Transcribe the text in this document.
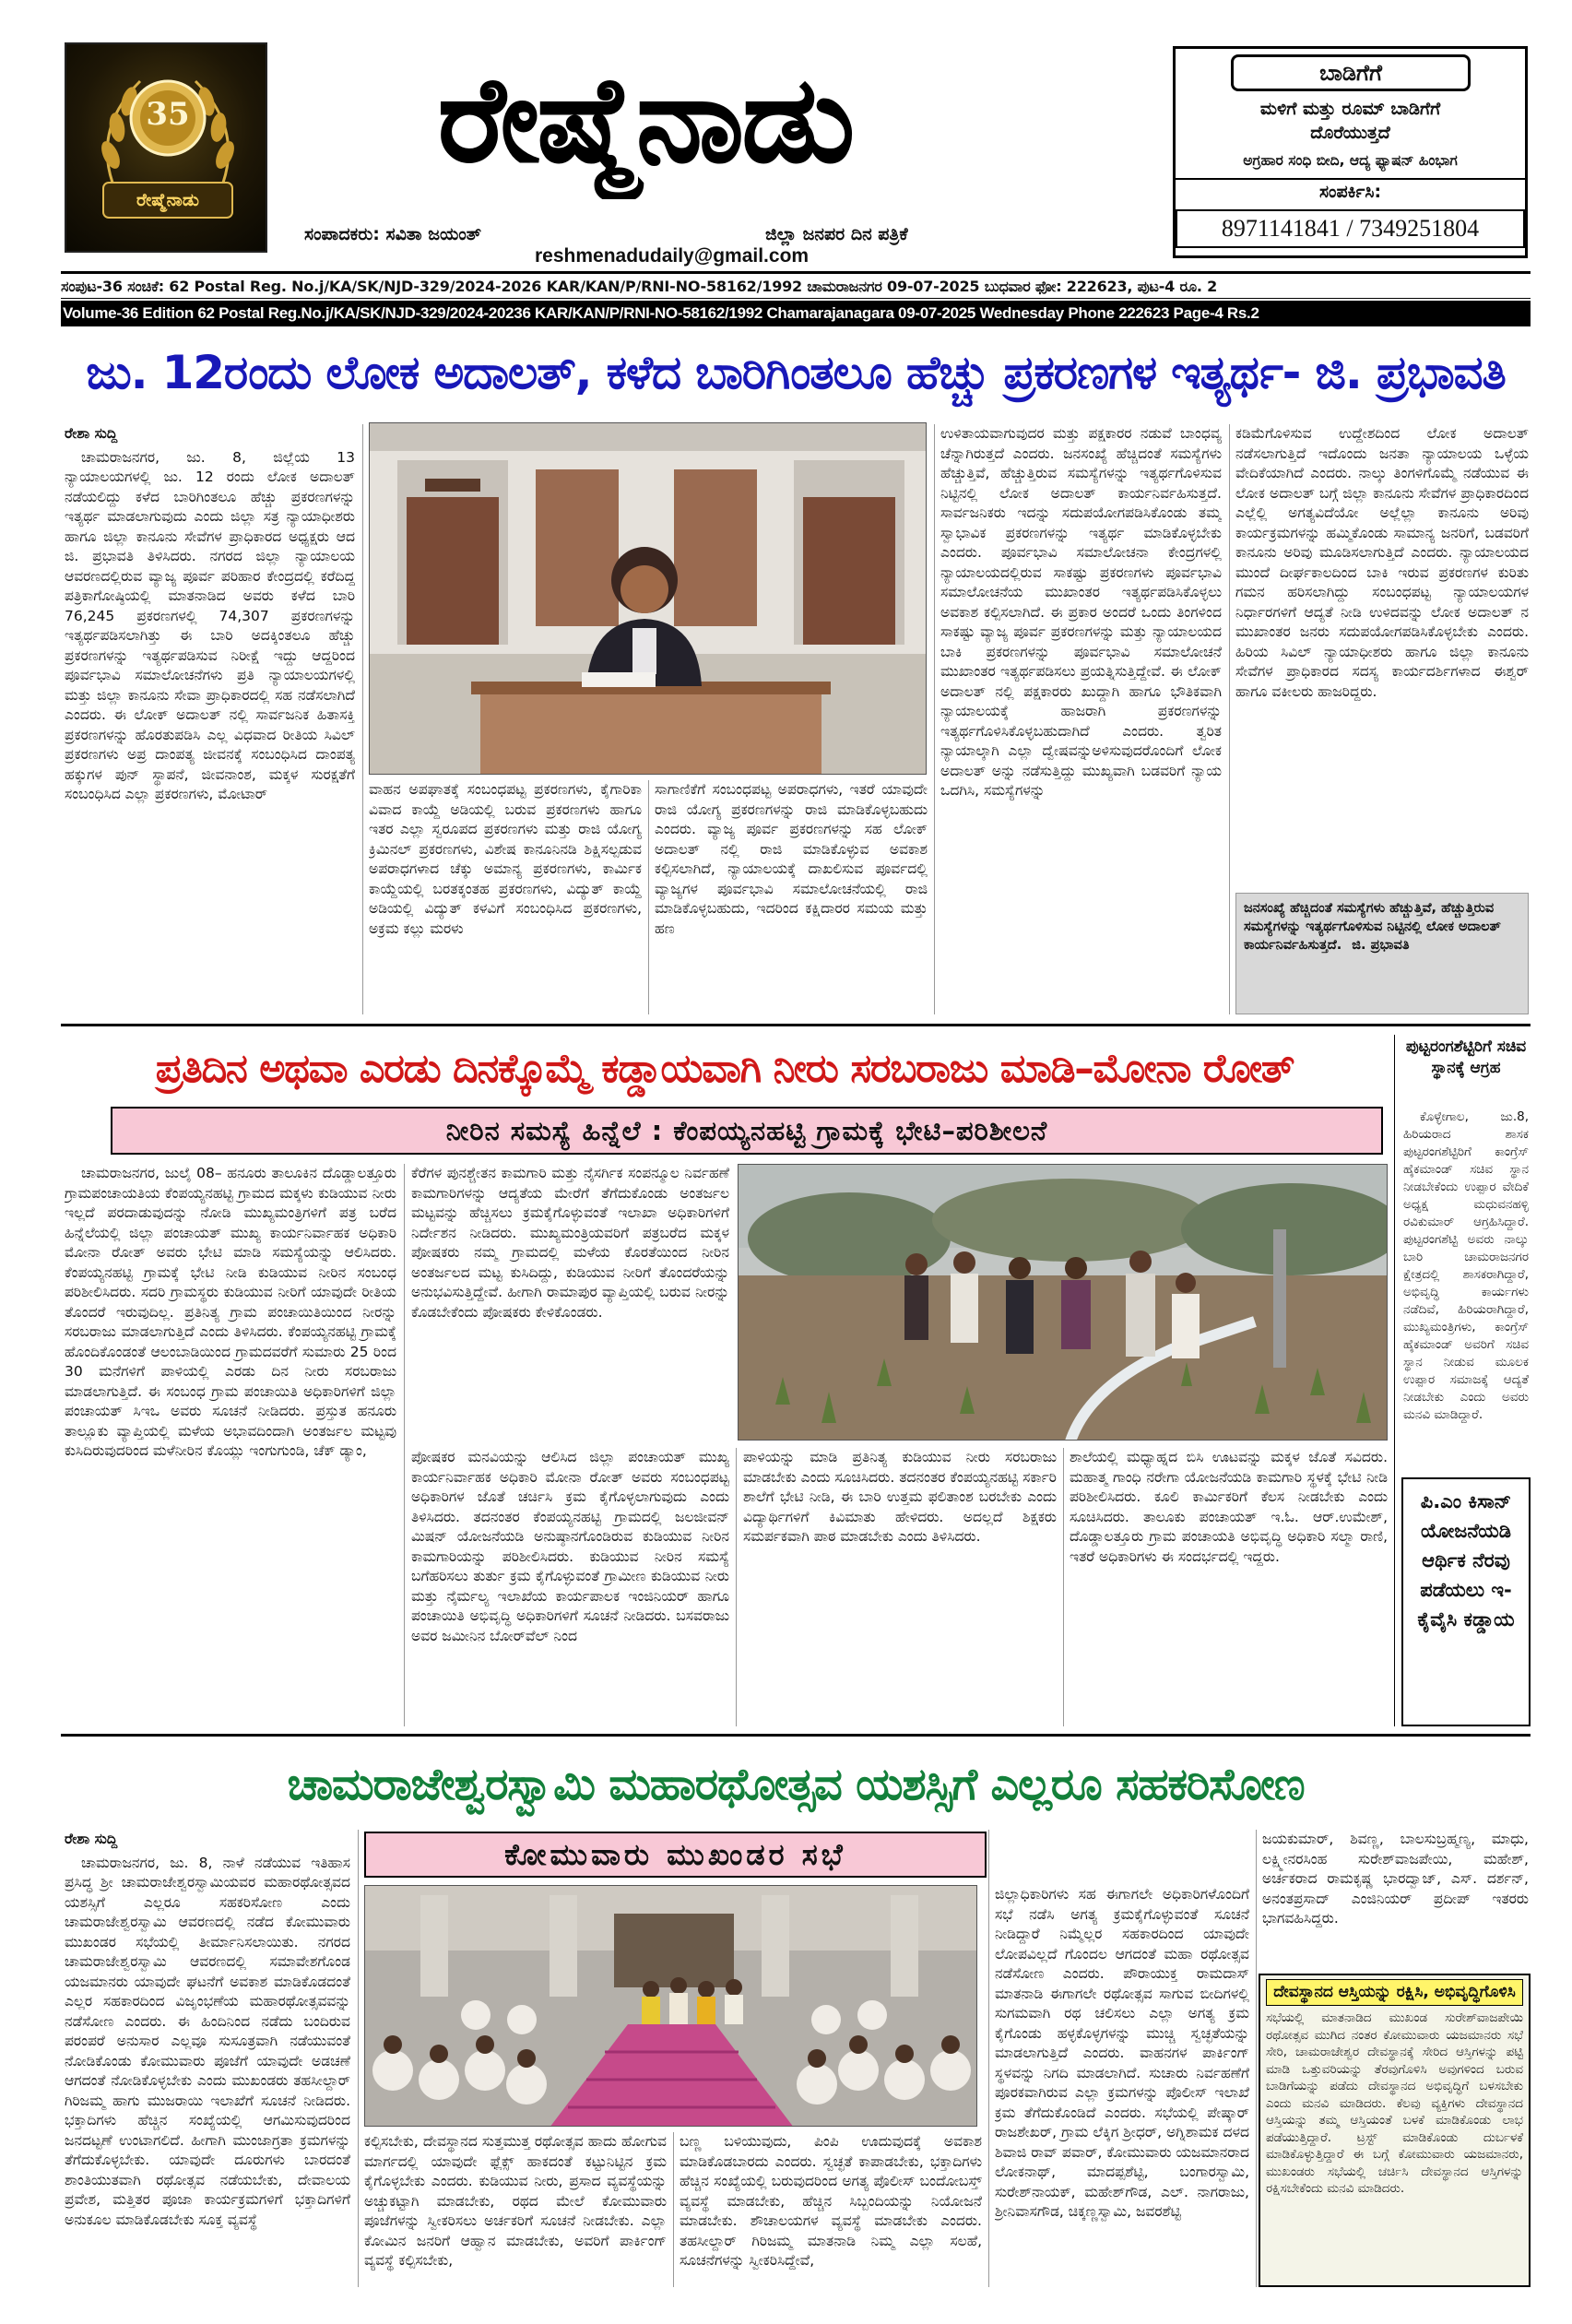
35
ರೇಷ್ಮೆನಾಡು
ರೇಷ್ಮೆನಾಡು
ಸಂಪಾದಕರು: ಸವಿತಾ ಜಯಂತ್	ಜಿಲ್ಲಾ ಜನಪರ ದಿನ ಪತ್ರಿಕೆ
reshmenadudaily@gmail.com
ಬಾಡಿಗೆಗೆ
ಮಳಿಗೆ ಮತ್ತು ರೂಮ್ ಬಾಡಿಗೆಗೆ
ದೊರೆಯುತ್ತದೆ
ಅಗ್ರಹಾರ ಸಂಧಿ ಬೀದಿ, ಆದ್ಯ ಫ್ಯಾಷನ್ ಹಿಂಭಾಗ
ಸಂಪರ್ಕಿಸಿ:
8971141841 / 7349251804
ಸಂಪುಟ-36 ಸಂಚಿಕೆ: 62 Postal Reg. No.j/KA/SK/NJD-329/2024-2026 KAR/KAN/P/RNI-NO-58162/1992 ಚಾಮರಾಜನಗರ 09-07-2025 ಬುಧವಾರ ಫೋ: 222623, ಪುಟ-4 ರೂ. 2
Volume-36 Edition 62 Postal Reg.No.j/KA/SK/NJD-329/2024-20236 KAR/KAN/P/RNI-NO-58162/1992 Chamarajanagara 09-07-2025 Wednesday Phone 222623 Page-4 Rs.2
ಜು. 12ರಂದು ಲೋಕ ಅದಾಲತ್, ಕಳೆದ ಬಾರಿಗಿಂತಲೂ ಹೆಚ್ಚು ಪ್ರಕರಣಗಳ ಇತ್ಯರ್ಥ- ಜಿ. ಪ್ರಭಾವತಿ

ರೇಶಾ ಸುದ್ದಿ

ಚಾಮರಾಜನಗರ, ಜು. 8, ಜಿಲ್ಲೆಯ 13 ನ್ಯಾಯಾಲಯಗಳಲ್ಲಿ ಜು. 12 ರಂದು ಲೋಕ ಅದಾಲತ್ ನಡೆಯಲಿದ್ದು ಕಳೆದ ಬಾರಿಗಿಂತಲೂ ಹೆಚ್ಚು ಪ್ರಕರಣಗಳನ್ನು ಇತ್ಯರ್ಥ ಮಾಡಲಾಗುವುದು ಎಂದು ಜಿಲ್ಲಾ ಸತ್ರ ನ್ಯಾಯಾಧೀಶರು ಹಾಗೂ ಜಿಲ್ಲಾ ಕಾನೂನು ಸೇವೆಗಳ ಪ್ರಾಧಿಕಾರದ ಅಧ್ಯಕ್ಷರು ಆದ ಜಿ. ಪ್ರಭಾವತಿ ತಿಳಿಸಿದರು. ನಗರದ ಜಿಲ್ಲಾ ನ್ಯಾಯಾಲಯ ಆವರಣದಲ್ಲಿರುವ ವ್ಯಾಜ್ಯ ಪೂರ್ವ ಪರಿಹಾರ ಕೇಂದ್ರದಲ್ಲಿ ಕರೆದಿದ್ದ ಪತ್ರಿಕಾಗೋಷ್ಠಿಯಲ್ಲಿ ಮಾತನಾಡಿದ ಅವರು ಕಳೆದ ಬಾರಿ 76,245 ಪ್ರಕರಣಗಳಲ್ಲಿ 74,307 ಪ್ರಕರಣಗಳನ್ನು ಇತ್ಯರ್ಥಪಡಿಸಲಾಗಿತ್ತು ಈ ಬಾರಿ ಅದಕ್ಕಿಂತಲೂ ಹೆಚ್ಚು ಪ್ರಕರಣಗಳನ್ನು ಇತ್ಯರ್ಥಪಡಿಸುವ ನಿರೀಕ್ಷೆ ಇದ್ದು ಆದ್ದರಿಂದ ಪೂರ್ವಭಾವಿ ಸಮಾಲೋಚನೆಗಳು ಪ್ರತಿ ನ್ಯಾಯಾಲಯಗಳಲ್ಲಿ ಮತ್ತು ಜಿಲ್ಲಾ ಕಾನೂನು ಸೇವಾ ಪ್ರಾಧಿಕಾರದಲ್ಲಿ ಸಹ ನಡೆಸಲಾಗಿದೆ ಎಂದರು. ಈ ಲೋಕ್ ಅದಾಲತ್ ನಲ್ಲಿ ಸಾರ್ವಜನಿಕ ಹಿತಾಸಕ್ತಿ ಪ್ರಕರಣಗಳನ್ನು ಹೊರತುಪಡಿಸಿ ಎಲ್ಲ ವಿಧವಾದ ರೀತಿಯ ಸಿವಿಲ್ ಪ್ರಕರಣಗಳು ಅಪ್ರ ದಾಂಪತ್ಯ ಜೀವನಕ್ಕೆ ಸಂಬಂಧಿಸಿದ ದಾಂಪತ್ಯ ಹಕ್ಕುಗಳ ಪುನ್ ಸ್ಥಾಪನೆ, ಜೀವನಾಂಶ, ಮಕ್ಕಳ ಸುರಕ್ಷತೆಗೆ ಸಂಬಂಧಿಸಿದ ಎಲ್ಲಾ ಪ್ರಕರಣಗಳು, ಮೋಟಾರ್	ವಾಹನ ಅಪಘಾತಕ್ಕೆ ಸಂಬಂಧಪಟ್ಟ ಪ್ರಕರಣಗಳು, ಕೈಗಾರಿಕಾ ವಿವಾದ ಕಾಯ್ದೆ ಅಡಿಯಲ್ಲಿ ಬರುವ ಪ್ರಕರಣಗಳು ಹಾಗೂ ಇತರ ಎಲ್ಲಾ ಸ್ವರೂಪದ ಪ್ರಕರಣಗಳು ಮತ್ತು ರಾಜಿ ಯೋಗ್ಯ ಕ್ರಿಮಿನಲ್ ಪ್ರಕರಣಗಳು, ವಿಶೇಷ ಕಾನೂನಿನಡಿ ಶಿಕ್ಷಿಸಲ್ಪಡುವ ಅಪರಾಧಗಳಾದ ಚೆಕ್ಕು ಅಮಾನ್ಯ ಪ್ರಕರಣಗಳು, ಕಾರ್ಮಿಕ ಕಾಯ್ದೆಯಲ್ಲಿ ಬರತಕ್ಕಂತಹ ಪ್ರಕರಣಗಳು, ವಿದ್ಯುತ್ ಕಾಯ್ದೆ ಅಡಿಯಲ್ಲಿ ವಿದ್ಯುತ್ ಕಳವಿಗೆ ಸಂಬಂಧಿಸಿದ ಪ್ರಕರಣಗಳು, ಅಕ್ರಮ ಕಲ್ಲು ಮರಳು

ಸಾಗಾಣಿಕೆಗೆ ಸಂಬಂಧಪಟ್ಟ ಅಪರಾಧಗಳು, ಇತರೆ ಯಾವುದೇ ರಾಜಿ ಯೋಗ್ಯ ಪ್ರಕರಣಗಳನ್ನು ರಾಜಿ ಮಾಡಿಕೊಳ್ಳಬಹುದು ಎಂದರು. ವ್ಯಾಜ್ಯ ಪೂರ್ವ ಪ್ರಕರಣಗಳನ್ನು ಸಹ ಲೋಕ್ ಅದಾಲತ್ ನಲ್ಲಿ ರಾಜಿ ಮಾಡಿಕೊಳ್ಳುವ ಅವಕಾಶ ಕಲ್ಪಿಸಲಾಗಿದೆ, ನ್ಯಾಯಾಲಯಕ್ಕೆ ದಾಖಲಿಸುವ ಪೂರ್ವದಲ್ಲಿ ವ್ಯಾಜ್ಯಗಳ ಪೂರ್ವಭಾವಿ ಸಮಾಲೋಚನೆಯಲ್ಲಿ ರಾಜಿ ಮಾಡಿಕೊಳ್ಳಬಹುದು, ಇದರಿಂದ ಕಕ್ಷಿದಾರರ ಸಮಯ ಮತ್ತು ಹಣ

ಉಳಿತಾಯವಾಗುವುದರ ಮತ್ತು ಪಕ್ಷಕಾರರ ನಡುವೆ ಬಾಂಧವ್ಯ ಚೆನ್ನಾಗಿರುತ್ತದೆ ಎಂದರು. ಜನಸಂಖ್ಯೆ ಹೆಚ್ಚಿದಂತೆ ಸಮಸ್ಯೆಗಳು ಹೆಚ್ಚುತ್ತಿವೆ, ಹೆಚ್ಚುತ್ತಿರುವ ಸಮಸ್ಯೆಗಳನ್ನು ಇತ್ಯರ್ಥಗೊಳಿಸುವ ನಿಟ್ಟಿನಲ್ಲಿ ಲೋಕ ಅದಾಲತ್ ಕಾರ್ಯನಿರ್ವಹಿಸುತ್ತದೆ. ಸಾರ್ವಜನಿಕರು ಇದನ್ನು ಸದುಪಯೋಗಪಡಿಸಿಕೊಂಡು ತಮ್ಮ ಸ್ವಾಭಾವಿಕ ಪ್ರಕರಣಗಳನ್ನು ಇತ್ಯರ್ಥ ಮಾಡಿಕೊಳ್ಳಬೇಕು ಎಂದರು. ಪೂರ್ವಭಾವಿ ಸಮಾಲೋಚನಾ ಕೇಂದ್ರಗಳಲ್ಲಿ ನ್ಯಾಯಾಲಯದಲ್ಲಿರುವ ಸಾಕಷ್ಟು ಪ್ರಕರಣಗಳು ಪೂರ್ವಭಾವಿ ಸಮಾಲೋಚನೆಯ ಮುಖಾಂತರ ಇತ್ಯರ್ಥಪಡಿಸಿಕೊಳ್ಳಲು ಅವಕಾಶ ಕಲ್ಪಿಸಲಾಗಿದೆ. ಈ ಪ್ರಕಾರ ಅಂದರೆ ಒಂದು ತಿಂಗಳಿಂದ ಸಾಕಷ್ಟು ವ್ಯಾಜ್ಯ ಪೂರ್ವ ಪ್ರಕರಣಗಳನ್ನು ಮತ್ತು ನ್ಯಾಯಾಲಯದ ಬಾಕಿ ಪ್ರಕರಣಗಳನ್ನು ಪೂರ್ವಭಾವಿ ಸಮಾಲೋಚನೆ ಮುಖಾಂತರ ಇತ್ಯರ್ಥಪಡಿಸಲು ಪ್ರಯತ್ನಿಸುತ್ತಿದ್ದೇವೆ. ಈ ಲೋಕ್ ಅದಾಲತ್ ನಲ್ಲಿ ಪಕ್ಷಕಾರರು ಖುದ್ದಾಗಿ ಹಾಗೂ ಭೌತಿಕವಾಗಿ ನ್ಯಾಯಾಲಯಕ್ಕೆ ಹಾಜರಾಗಿ ಪ್ರಕರಣಗಳನ್ನು ಇತ್ಯರ್ಥಗೊಳಿಸಿಕೊಳ್ಳಬಹುದಾಗಿದೆ ಎಂದರು. ತ್ವರಿತ ನ್ಯಾಯಾಲ್ಕಾಗಿ ಎಲ್ಲಾ ದ್ವೇಷವನ್ನುಅಳಿಸುವುದರೊಂದಿಗೆ ಲೋಕ ಅದಾಲತ್ ಅನ್ನು ನಡೆಸುತ್ತಿದ್ದು ಮುಖ್ಯವಾಗಿ ಬಡವರಿಗೆ ನ್ಯಾಯ ಒದಗಿಸಿ, ಸಮಸ್ಯೆಗಳನ್ನು

ಕಡಿಮೆಗೊಳಿಸುವ ಉದ್ದೇಶದಿಂದ ಲೋಕ ಅದಾಲತ್ ನಡೆಸಲಾಗುತ್ತಿದೆ ಇದೊಂದು ಜನತಾ ನ್ಯಾಯಾಲಯ ಒಳ್ಳೆಯ ವೇದಿಕೆಯಾಗಿದೆ ಎಂದರು. ನಾಲ್ಕು ತಿಂಗಳಿಗೊಮ್ಮೆ ನಡೆಯುವ ಈ ಲೋಕ ಅದಾಲತ್ ಬಗ್ಗೆ ಜಿಲ್ಲಾ ಕಾನೂನು ಸೇವೆಗಳ ಪ್ರಾಧಿಕಾರದಿಂದ ಎಲ್ಲೆಲ್ಲಿ ಅಗತ್ಯವಿದೆಯೋ ಅಲ್ಲೆಲ್ಲಾ ಕಾನೂನು ಅರಿವು ಕಾರ್ಯಕ್ರಮಗಳನ್ನು ಹಮ್ಮಿಕೊಂಡು ಸಾಮಾನ್ಯ ಜನರಿಗೆ, ಬಡವರಿಗೆ ಕಾನೂನು ಅರಿವು ಮೂಡಿಸಲಾಗುತ್ತಿದೆ ಎಂದರು. ನ್ಯಾಯಾಲಯದ ಮುಂದೆ ದೀರ್ಘಕಾಲದಿಂದ ಬಾಕಿ ಇರುವ ಪ್ರಕರಣಗಳ ಕುರಿತು ಗಮನ ಹರಿಸಲಾಗಿದ್ದು ಸಂಬಂಧಪಟ್ಟ ನ್ಯಾಯಾಲಯಗಳ ನಿರ್ಧಾರಗಳಿಗೆ ಆದ್ಯತೆ ನೀಡಿ ಉಳಿದವನ್ನು ಲೋಕ ಅದಾಲತ್ ನ ಮುಖಾಂತರ ಜನರು ಸದುಪಯೋಗಪಡಿಸಿಕೊಳ್ಳಬೇಕು ಎಂದರು. ಹಿರಿಯ ಸಿವಿಲ್ ನ್ಯಾಯಾಧೀಶರು ಹಾಗೂ ಜಿಲ್ಲಾ ಕಾನೂನು ಸೇವೆಗಳ ಪ್ರಾಧಿಕಾರದ ಸದಸ್ಯ ಕಾರ್ಯದರ್ಶಿಗಳಾದ ಈಶ್ವರ್ ಹಾಗೂ ವಕೀಲರು ಹಾಜರಿದ್ದರು.

ಜನಸಂಖ್ಯೆ ಹೆಚ್ಚಿದಂತೆ ಸಮಸ್ಯೆಗಳು ಹೆಚ್ಚುತ್ತಿವೆ, ಹೆಚ್ಚುತ್ತಿರುವ ಸಮಸ್ಯೆಗಳನ್ನು ಇತ್ಯರ್ಥಗೊಳಿಸುವ ನಿಟ್ಟಿನಲ್ಲಿ ಲೋಕ ಅದಾಲತ್ ಕಾರ್ಯನಿರ್ವಹಿಸುತ್ತದೆ. ಜಿ. ಪ್ರಭಾವತಿ
ಪ್ರತಿದಿನ ಅಥವಾ ಎರಡು ದಿನಕ್ಕೊಮ್ಮೆ ಕಡ್ಡಾಯವಾಗಿ ನೀರು ಸರಬರಾಜು ಮಾಡಿ–ಮೋನಾ ರೋತ್
ನೀರಿನ ಸಮಸ್ಯೆ ಹಿನ್ನೆಲೆ : ಕೆಂಪಯ್ಯನಹಟ್ಟಿ ಗ್ರಾಮಕ್ಕೆ ಭೇಟಿ–ಪರಿಶೀಲನೆ

ಚಾಮರಾಜನಗರ, ಜುಲೈ 08– ಹನೂರು ತಾಲೂಕಿನ ದೊಡ್ಡಾಲತ್ತೂರು ಗ್ರಾಮಪಂಚಾಯತಿಯ ಕೆಂಪಯ್ಯನಹಟ್ಟಿ ಗ್ರಾಮದ ಮಕ್ಕಳು ಕುಡಿಯುವ ನೀರು ಇಲ್ಲದೆ ಪರದಾಡುವುದನ್ನು ನೋಡಿ ಮುಖ್ಯಮಂತ್ರಿಗಳಿಗೆ ಪತ್ರ ಬರೆದ ಹಿನ್ನೆಲೆಯಲ್ಲಿ ಜಿಲ್ಲಾ ಪಂಚಾಯತ್ ಮುಖ್ಯ ಕಾರ್ಯನಿರ್ವಾಹಕ ಅಧಿಕಾರಿ ಮೋನಾ ರೋತ್ ಅವರು ಭೇಟಿ ಮಾಡಿ ಸಮಸ್ಯೆಯನ್ನು ಆಲಿಸಿದರು. ಕೆಂಪಯ್ಯನಹಟ್ಟಿ ಗ್ರಾಮಕ್ಕೆ ಭೇಟಿ ನೀಡಿ ಕುಡಿಯುವ ನೀರಿನ ಸಂಬಂಧ ಪರಿಶೀಲಿಸಿದರು. ಸದರಿ ಗ್ರಾಮಸ್ಥರು ಕುಡಿಯುವ ನೀರಿಗೆ ಯಾವುದೇ ರೀತಿಯ ತೊಂದರೆ ಇರುವುದಿಲ್ಲ. ಪ್ರತಿನಿತ್ಯ ಗ್ರಾಮ ಪಂಚಾಯಿತಿಯಿಂದ ನೀರನ್ನು ಸರಬರಾಜು ಮಾಡಲಾಗುತ್ತಿದೆ ಎಂದು ತಿಳಿಸಿದರು. ಕೆಂಪಯ್ಯನಹಟ್ಟಿ ಗ್ರಾಮಕ್ಕೆ ಹೊಂದಿಕೊಂಡಂತೆ ಆಲಂಬಾಡಿಯಿಂದ ಗ್ರಾಮದವರೆಗೆ ಸುಮಾರು 25 ರಿಂದ 30 ಮನೆಗಳಿಗೆ ಪಾಳಿಯಲ್ಲಿ ಎರಡು ದಿನ ನೀರು ಸರಬರಾಜು ಮಾಡಲಾಗುತ್ತಿದೆ. ಈ ಸಂಬಂಧ ಗ್ರಾಮ ಪಂಚಾಯಿತಿ ಅಧಿಕಾರಿಗಳಿಗೆ ಜಿಲ್ಲಾ ಪಂಚಾಯತ್ ಸಿಇಒ ಅವರು ಸೂಚನೆ ನೀಡಿದರು. ಪ್ರಸ್ತುತ ಹನೂರು ತಾಲ್ಲೂಕು ವ್ಯಾಪ್ತಿಯಲ್ಲಿ ಮಳೆಯ ಅಭಾವದಿಂದಾಗಿ ಅಂತರ್ಜಲ ಮಟ್ಟವು ಕುಸಿದಿರುವುದರಿಂದ ಮಳೆನೀರಿನ ಕೊಯ್ಲು ಇಂಗುಗುಂಡಿ, ಚೆಕ್ ಡ್ಯಾಂ,

ಕೆರೆಗಳ ಪುನಶ್ಚೇತನ ಕಾಮಗಾರಿ ಮತ್ತು ನೈಸರ್ಗಿಕ ಸಂಪನ್ಮೂಲ ನಿರ್ವಹಣೆ ಕಾಮಗಾರಿಗಳನ್ನು ಆದ್ಯತೆಯ ಮೇರೆಗೆ ತೆಗೆದುಕೊಂಡು ಅಂತರ್ಜಲ ಮಟ್ಟವನ್ನು ಹೆಚ್ಚಿಸಲು ಕ್ರಮಕೈಗೊಳ್ಳುವಂತೆ ಇಲಾಖಾ ಅಧಿಕಾರಿಗಳಿಗೆ ನಿರ್ದೇಶನ ನೀಡಿದರು. ಮುಖ್ಯಮಂತ್ರಿಯವರಿಗೆ ಪತ್ರಬರೆದ ಮಕ್ಕಳ ಪೋಷಕರು ನಮ್ಮ ಗ್ರಾಮದಲ್ಲಿ ಮಳೆಯ ಕೊರತೆಯಿಂದ ನೀರಿನ ಅಂತರ್ಜಲದ ಮಟ್ಟ ಕುಸಿದಿದ್ದು, ಕುಡಿಯುವ ನೀರಿಗೆ ತೊಂದರೆಯನ್ನು ಅನುಭವಿಸುತ್ತಿದ್ದೇವೆ. ಹೀಗಾಗಿ ರಾಮಾಪುರ ವ್ಯಾಪ್ತಿಯಲ್ಲಿ ಬರುವ ನೀರನ್ನು ಕೊಡಬೇಕೆಂದು ಪೋಷಕರು ಕೇಳಿಕೊಂಡರು.

ಪೋಷಕರ ಮನವಿಯನ್ನು ಆಲಿಸಿದ ಜಿಲ್ಲಾ ಪಂಚಾಯತ್ ಮುಖ್ಯ ಕಾರ್ಯನಿರ್ವಾಹಕ ಅಧಿಕಾರಿ ಮೋನಾ ರೋತ್ ಅವರು ಸಂಬಂಧಪಟ್ಟ ಅಧಿಕಾರಿಗಳ ಜೊತೆ ಚರ್ಚಿಸಿ ಕ್ರಮ ಕೈಗೊಳ್ಳಲಾಗುವುದು ಎಂದು ತಿಳಿಸಿದರು. ತದನಂತರ ಕೆಂಪಯ್ಯನಹಟ್ಟಿ ಗ್ರಾಮದಲ್ಲಿ ಜಲಜೀವನ್ ಮಿಷನ್ ಯೋಜನೆಯಡಿ ಅನುಷ್ಠಾನಗೊಂಡಿರುವ ಕುಡಿಯುವ ನೀರಿನ ಕಾಮಗಾರಿಯನ್ನು ಪರಿಶೀಲಿಸಿದರು. ಕುಡಿಯುವ ನೀರಿನ ಸಮಸ್ಯೆ ಬಗೆಹರಿಸಲು ತುರ್ತು ಕ್ರಮ ಕೈಗೊಳ್ಳುವಂತೆ ಗ್ರಾಮೀಣ ಕುಡಿಯುವ ನೀರು ಮತ್ತು ನೈರ್ಮಲ್ಯ ಇಲಾಖೆಯ ಕಾರ್ಯಪಾಲಕ ಇಂಜಿನಿಯರ್ ಹಾಗೂ ಪಂಚಾಯಿತಿ ಅಭಿವೃದ್ಧಿ ಅಧಿಕಾರಿಗಳಿಗೆ ಸೂಚನೆ ನೀಡಿದರು. ಬಸವರಾಜು ಅವರ ಜಮೀನಿನ ಬೋರ್‌ವೆಲ್ ನಿಂದ

ಪಾಳಿಯನ್ನು ಮಾಡಿ ಪ್ರತಿನಿತ್ಯ ಕುಡಿಯುವ ನೀರು ಸರಬರಾಜು ಮಾಡಬೇಕು ಎಂದು ಸೂಚಿಸಿದರು. ತದನಂತರ ಕೆಂಪಯ್ಯನಹಟ್ಟಿ ಸರ್ಕಾರಿ ಶಾಲೆಗೆ ಭೇಟಿ ನೀಡಿ, ಈ ಬಾರಿ ಉತ್ತಮ ಫಲಿತಾಂಶ ಬರಬೇಕು ಎಂದು ವಿದ್ಯಾರ್ಥಿಗಳಿಗೆ ಕಿವಿಮಾತು ಹೇಳಿದರು. ಅದಲ್ಲದೆ ಶಿಕ್ಷಕರು ಸಮರ್ಪಕವಾಗಿ ಪಾಠ ಮಾಡಬೇಕು ಎಂದು ತಿಳಿಸಿದರು.

ಶಾಲೆಯಲ್ಲಿ ಮಧ್ಯಾಹ್ನದ ಬಿಸಿ ಊಟವನ್ನು ಮಕ್ಕಳ ಜೊತೆ ಸವಿದರು. ಮಹಾತ್ಮ ಗಾಂಧಿ ನರೇಗಾ ಯೋಜನೆಯಡಿ ಕಾಮಗಾರಿ ಸ್ಥಳಕ್ಕೆ ಭೇಟಿ ನೀಡಿ ಪರಿಶೀಲಿಸಿದರು. ಕೂಲಿ ಕಾರ್ಮಿಕರಿಗೆ ಕೆಲಸ ನೀಡಬೇಕು ಎಂದು ಸೂಚಿಸಿದರು. ತಾಲೂಕು ಪಂಚಾಯತ್ ಇ.ಓ. ಆರ್.ಉಮೇಶ್, ದೊಡ್ಡಾಲತ್ತೂರು ಗ್ರಾಮ ಪಂಚಾಯತಿ ಅಭಿವೃದ್ಧಿ ಅಧಿಕಾರಿ ಸಲ್ಮಾ ರಾಣಿ, ಇತರೆ ಅಧಿಕಾರಿಗಳು ಈ ಸಂದರ್ಭದಲ್ಲಿ ಇದ್ದರು.

ಪುಟ್ಟರಂಗಶೆಟ್ಟಿರಿಗೆ ಸಚಿವ ಸ್ಥಾನಕ್ಕೆ ಆಗ್ರಹ

ಕೊಳ್ಳೇಗಾಲ, ಜು.8, ಹಿರಿಯರಾದ ಶಾಸಕ ಪುಟ್ಟರಂಗಶೆಟ್ಟಿರಿಗೆ ಕಾಂಗ್ರೆಸ್ ಹೈಕಮಾಂಡ್ ಸಚಿವ ಸ್ಥಾನ ನೀಡಬೇಕೆಂದು ಉಪ್ಪಾರ ವೇದಿಕೆ ಅಧ್ಯಕ್ಷ ಮಧುವನಹಳ್ಳಿ ರವಿಕುಮಾರ್ ಆಗ್ರಹಿಸಿದ್ದಾರೆ. ಪುಟ್ಟರಂಗಶೆಟ್ಟಿ ಅವರು ನಾಲ್ಕು ಬಾರಿ ಚಾಮರಾಜನಗರ ಕ್ಷೇತ್ರದಲ್ಲಿ ಶಾಸಕರಾಗಿದ್ದಾರೆ, ಅಭಿವೃದ್ಧಿ ಕಾರ್ಯಗಳು ನಡೆದಿವೆ, ಹಿರಿಯರಾಗಿದ್ದಾರೆ, ಮುಖ್ಯಮಂತ್ರಿಗಳು, ಕಾಂಗ್ರೆಸ್ ಹೈಕಮಾಂಡ್ ಅವರಿಗೆ ಸಚಿವ ಸ್ಥಾನ ನೀಡುವ ಮೂಲಕ ಉಪ್ಪಾರ ಸಮಾಜಕ್ಕೆ ಆದ್ಯತೆ ನೀಡಬೇಕು ಎಂದು ಅವರು ಮನವಿ ಮಾಡಿದ್ದಾರೆ.

ಪಿ.ಎಂ ಕಿಸಾನ್ ಯೋಜನೆಯಡಿ ಆರ್ಥಿಕ ನೆರವು ಪಡೆಯಲು ಇ-ಕೈವೈಸಿ ಕಡ್ಡಾಯ
ಚಾಮರಾಜೇಶ್ವರಸ್ವಾಮಿ ಮಹಾರಥೋತ್ಸವ ಯಶಸ್ಸಿಗೆ ಎಲ್ಲರೂ ಸಹಕರಿಸೋಣ

ರೇಶಾ ಸುದ್ದಿ

ಚಾಮರಾಜನಗರ, ಜು. 8, ನಾಳೆ ನಡೆಯುವ ಇತಿಹಾಸ ಪ್ರಸಿದ್ಧ ಶ್ರೀ ಚಾಮರಾಜೇಶ್ವರಸ್ವಾಮಿಯವರ ಮಹಾರಥೋತ್ಸವದ ಯಶಸ್ಸಿಗೆ ಎಲ್ಲರೂ ಸಹಕರಿಸೋಣ ಎಂದು ಚಾಮರಾಜೇಶ್ವರಸ್ವಾಮಿ ಆವರಣದಲ್ಲಿ ನಡೆದ ಕೋಮುವಾರು ಮುಖಂಡರ ಸಭೆಯಲ್ಲಿ ತೀರ್ಮಾನಿಸಲಾಯಿತು. ನಗರದ ಚಾಮರಾಜೇಶ್ವರಸ್ವಾಮಿ ಆವರಣದಲ್ಲಿ ಸಮಾವೇಶಗೊಂಡ ಯಜಮಾನರು ಯಾವುದೇ ಘಟನೆಗೆ ಅವಕಾಶ ಮಾಡಿಕೊಡದಂತೆ ಎಲ್ಲರ ಸಹಕಾರದಿಂದ ವಿಜೃಂಭಣೆಯ ಮಹಾರಥೋತ್ಸವವನ್ನು ನಡೆಸೋಣ ಎಂದರು. ಈ ಹಿಂದಿನಿಂದ ನಡೆದು ಬಂದಿರುವ ಪರಂಪರೆ ಅನುಸಾರ ಎಲ್ಲವೂ ಸುಸೂತ್ರವಾಗಿ ನಡೆಯುವಂತೆ ನೋಡಿಕೊಂಡು ಕೋಮುವಾರು ಪೂಜೆಗೆ ಯಾವುದೇ ಅಡಚಣೆ ಆಗದಂತೆ ನೋಡಿಕೊಳ್ಳಬೇಕು ಎಂದು ಮುಖಂಡರು ತಹಸೀಲ್ದಾರ್ ಗಿರಿಜಮ್ಮ ಹಾಗು ಮುಜರಾಯಿ ಇಲಾಖೆಗೆ ಸೂಚನೆ ನೀಡಿದರು. ಭಕ್ತಾದಿಗಳು ಹೆಚ್ಚಿನ ಸಂಖ್ಯೆಯಲ್ಲಿ ಆಗಮಿಸುವುದರಿಂದ ಜನದಟ್ಟಣೆ ಉಂಟಾಗಲಿದೆ. ಹೀಗಾಗಿ ಮುಂಜಾಗ್ರತಾ ಕ್ರಮಗಳನ್ನು ತೆಗೆದುಕೊಳ್ಳಬೇಕು. ಯಾವುದೇ ದೂರುಗಳು ಬಾರದಂತೆ ಶಾಂತಿಯುತವಾಗಿ ರಥೋತ್ಸವ ನಡೆಯಬೇಕು, ದೇವಾಲಯ ಪ್ರವೇಶ, ಮತ್ತಿತರ ಪೂಜಾ ಕಾರ್ಯಕ್ರಮಗಳಿಗೆ ಭಕ್ತಾದಿಗಳಿಗೆ ಅನುಕೂಲ ಮಾಡಿಕೊಡಬೇಕು ಸೂಕ್ತ ವ್ಯವಸ್ಥೆ

ಕೋಮುವಾರು ಮುಖಂಡರ ಸಭೆ

ಕಲ್ಪಿಸಬೇಕು, ದೇವಸ್ಥಾನದ ಸುತ್ತಮುತ್ತ ರಥೋತ್ಸವ ಹಾದು ಹೋಗುವ ಮಾರ್ಗದಲ್ಲಿ ಯಾವುದೇ ಫ್ಲೆಕ್ಸ್ ಹಾಕದಂತೆ ಕಟ್ಟುನಿಟ್ಟಿನ ಕ್ರಮ ಕೈಗೊಳ್ಳಬೇಕು ಎಂದರು. ಕುಡಿಯುವ ನೀರು, ಪ್ರಸಾದ ವ್ಯವಸ್ಥೆಯನ್ನು ಅಚ್ಚುಕಟ್ಟಾಗಿ ಮಾಡಬೇಕು, ರಥದ ಮೇಲೆ ಕೋಮುವಾರು ಪೂಜೆಗಳನ್ನು ಸ್ವೀಕರಿಸಲು ಅರ್ಚಕರಿಗೆ ಸೂಚನೆ ನೀಡಬೇಕು. ಎಲ್ಲಾ ಕೋಮಿನ ಜನರಿಗೆ ಆಹ್ವಾನ ಮಾಡಬೇಕು, ಅವರಿಗೆ ಪಾರ್ಕಿಂಗ್ ವ್ಯವಸ್ಥೆ ಕಲ್ಪಿಸಬೇಕು,

ಬಣ್ಣ ಬಳಿಯುವುದು, ಪಿಂಪಿ ಊದುವುದಕ್ಕೆ ಅವಕಾಶ ಮಾಡಿಕೊಡಬಾರದು ಎಂದರು. ಸ್ವಚ್ಛತೆ ಕಾಪಾಡಬೇಕು, ಭಕ್ತಾದಿಗಳು ಹೆಚ್ಚಿನ ಸಂಖ್ಯೆಯಲ್ಲಿ ಬರುವುದರಿಂದ ಅಗತ್ಯ ಪೊಲೀಸ್ ಬಂದೋಬಸ್ತ್ ವ್ಯವಸ್ಥೆ ಮಾಡಬೇಕು, ಹೆಚ್ಚಿನ ಸಿಬ್ಬಂದಿಯನ್ನು ನಿಯೋಜನೆ ಮಾಡಬೇಕು. ಶೌಚಾಲಯಗಳ ವ್ಯವಸ್ಥೆ ಮಾಡಬೇಕು ಎಂದರು. ತಹಸೀಲ್ದಾರ್ ಗಿರಿಜಮ್ಮ ಮಾತನಾಡಿ ನಿಮ್ಮ ಎಲ್ಲಾ ಸಲಹೆ, ಸೂಚನೆಗಳನ್ನು ಸ್ವೀಕರಿಸಿದ್ದೇವೆ,

ಜಿಲ್ಲಾಧಿಕಾರಿಗಳು ಸಹ ಈಗಾಗಲೇ ಅಧಿಕಾರಿಗಳೊಂದಿಗೆ ಸಭೆ ನಡೆಸಿ ಅಗತ್ಯ ಕ್ರಮಕೈಗೊಳ್ಳುವಂತೆ ಸೂಚನೆ ನೀಡಿದ್ದಾರೆ ನಿಮ್ಮೆಲ್ಲರ ಸಹಕಾರದಿಂದ ಯಾವುದೇ ಲೋಪವಿಲ್ಲದೆ ಗೊಂದಲ ಆಗದಂತೆ ಮಹಾ ರಥೋತ್ಸವ ನಡೆಸೋಣ ಎಂದರು. ಪೌರಾಯುಕ್ತ ರಾಮದಾಸ್ ಮಾತನಾಡಿ ಈಗಾಗಲೇ ರಥೋತ್ಸವ ಸಾಗುವ ಬೀದಿಗಳಲ್ಲಿ ಸುಗಮವಾಗಿ ರಥ ಚಲಿಸಲು ಎಲ್ಲಾ ಅಗತ್ಯ ಕ್ರಮ ಕೈಗೊಂಡು ಹಳ್ಳಕೊಳ್ಳಗಳನ್ನು ಮುಚ್ಚಿ ಸ್ವಚ್ಛತೆಯನ್ನು ಮಾಡಲಾಗುತ್ತಿದೆ ಎಂದರು. ವಾಹನಗಳ ಪಾರ್ಕಿಂಗ್ ಸ್ಥಳವನ್ನು ನಿಗದಿ ಮಾಡಲಾಗಿದೆ. ಸುಚಾರು ನಿರ್ವಹಣೆಗೆ ಪೂರಕವಾಗಿರುವ ಎಲ್ಲಾ ಕ್ರಮಗಳನ್ನು ಪೊಲೀಸ್ ಇಲಾಖೆ ಕ್ರಮ ತೆಗೆದುಕೊಂಡಿದೆ ಎಂದರು. ಸಭೆಯಲ್ಲಿ ಪೇಷ್ಕಾರ್ ರಾಜಶೇಖರ್, ಗ್ರಾಮ ಲೆಕ್ಕಿಗ ಶ್ರೀಧರ್, ಅಗ್ನಿಶಾಮಕ ದಳದ ಶಿವಾಜಿ ರಾವ್ ಪವಾರ್, ಕೋಮುವಾರು ಯಜಮಾನರಾದ ಲೋಕನಾಥ್, ಮಾದಪ್ಪಶೆಟ್ಟಿ, ಬಂಗಾರಸ್ವಾಮಿ, ಸುರೇಶ್‌ನಾಯಕ್, ಮಹೇಶ್‌ಗೌಡ, ಎಲ್. ನಾಗರಾಜು, ಶ್ರೀನಿವಾಸಗೌಡ, ಚಿಕ್ಕಣ್ಣಸ್ವಾಮಿ, ಜವರಶೆಟ್ಟಿ

ಜಯಕುಮಾರ್, ಶಿವಣ್ಣ, ಬಾಲಸುಬ್ರಹ್ಮಣ್ಯ, ಮಾಧು, ಲಕ್ಷ್ಮೀನರಸಿಂಹ ಸುರೇಶ್‌ವಾಜಪೇಯಿ, ಮಹೇಶ್, ಅರ್ಚಕರಾದ ರಾಮಕೃಷ್ಣ ಭಾರದ್ವಾಜ್, ಎಸ್. ದರ್ಶನ್, ಅನಂತಪ್ರಸಾದ್ ಎಂಜಿನಿಯರ್ ಪ್ರದೀಪ್ ಇತರರು ಭಾಗವಹಿಸಿದ್ದರು.

ದೇವಸ್ಥಾನದ ಆಸ್ತಿಯನ್ನು ರಕ್ಷಿಸಿ, ಅಭಿವೃದ್ಧಿಗೊಳಿಸಿ
ಸಭೆಯಲ್ಲಿ ಮಾತನಾಡಿದ ಮುಖಂಡ ಸುರೇಶ್‌ವಾಜಪೇಯಿ ರಥೋತ್ಸವ ಮುಗಿದ ನಂತರ ಕೋಮುವಾರು ಯಜಮಾನರು ಸಭೆ ಸೇರಿ, ಚಾಮರಾಜೇಶ್ವರ ದೇವಸ್ಥಾನಕ್ಕೆ ಸೇರಿದ ಆಸ್ತಿಗಳನ್ನು ಪಟ್ಟಿ ಮಾಡಿ ಒತ್ತುವರಿಯನ್ನು ತೆರವುಗೊಳಿಸಿ ಅವುಗಳಿಂದ ಬರುವ ಬಾಡಿಗೆಯನ್ನು ಪಡೆದು ದೇವಸ್ಥಾನದ ಅಭಿವೃದ್ಧಿಗೆ ಬಳಸಬೇಕು ಎಂದು ಮನವಿ ಮಾಡಿದರು. ಕೆಲವು ವ್ಯಕ್ತಿಗಳು ದೇವಸ್ಥಾನದ ಆಸ್ತಿಯನ್ನು ತಮ್ಮ ಆಸ್ತಿಯಂತೆ ಬಳಕೆ ಮಾಡಿಕೊಂಡು ಲಾಭ ಪಡೆಯುತ್ತಿದ್ದಾರೆ. ಟ್ರಸ್ಟ್ ಮಾಡಿಕೊಂಡು ದುರ್ಬಳಕೆ ಮಾಡಿಕೊಳ್ಳುತ್ತಿದ್ದಾರೆ ಈ ಬಗ್ಗೆ ಕೋಮುವಾರು ಯಜಮಾನರು, ಮುಖಂಡರು ಸಭೆಯಲ್ಲಿ ಚರ್ಚಿಸಿ ದೇವಸ್ಥಾನದ ಆಸ್ತಿಗಳನ್ನು ರಕ್ಷಿಸಬೇಕೆಂದು ಮನವಿ ಮಾಡಿದರು.
